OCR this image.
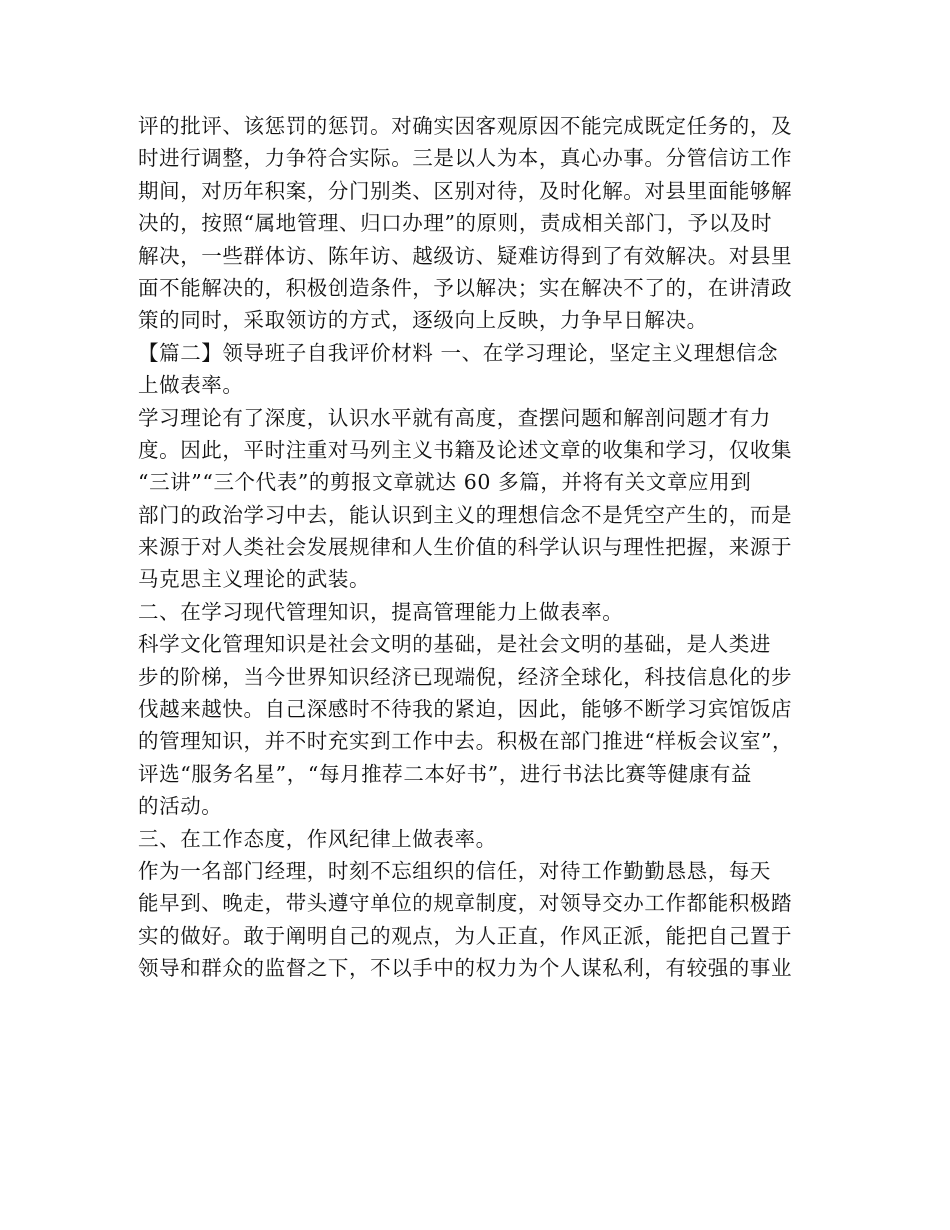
评的批评、该惩罚的惩罚。对确实因客观原因不能完成既定任务的，及
时进行调整，力争符合实际。三是以人为本，真心办事。分管信访工作
期间，对历年积案，分门别类、区别对待，及时化解。对县里面能够解
决的，按照“属地管理、归口办理”的原则，责成相关部门，予以及时
解决，一些群体访、陈年访、越级访、疑难访得到了有效解决。对县里
面不能解决的，积极创造条件，予以解决；实在解决不了的，在讲清政
策的同时，采取领访的方式，逐级向上反映，力争早日解决。
【篇二】领导班子自我评价材料 一、在学习理论，坚定主义理想信念
上做表率。
学习理论有了深度，认识水平就有高度，查摆问题和解剖问题才有力
度。因此，平时注重对马列主义书籍及论述文章的收集和学习，仅收集
“三讲”“三个代表”的剪报文章就达 60 多篇，并将有关文章应用到
部门的政治学习中去，能认识到主义的理想信念不是凭空产生的，而是
来源于对人类社会发展规律和人生价值的科学认识与理性把握，来源于
马克思主义理论的武装。
二、在学习现代管理知识，提高管理能力上做表率。
科学文化管理知识是社会文明的基础，是社会文明的基础，是人类进
步的阶梯，当今世界知识经济已现端倪，经济全球化，科技信息化的步
伐越来越快。自己深感时不待我的紧迫，因此，能够不断学习宾馆饭店
的管理知识，并不时充实到工作中去。积极在部门推进“样板会议室”，
评选“服务名星”，“每月推荐二本好书”，进行书法比赛等健康有益
的活动。
三、在工作态度，作风纪律上做表率。
作为一名部门经理，时刻不忘组织的信任，对待工作勤勤恳恳，每天
能早到、晚走，带头遵守单位的规章制度，对领导交办工作都能积极踏
实的做好。敢于阐明自己的观点，为人正直，作风正派，能把自己置于
领导和群众的监督之下，不以手中的权力为个人谋私利，有较强的事业
